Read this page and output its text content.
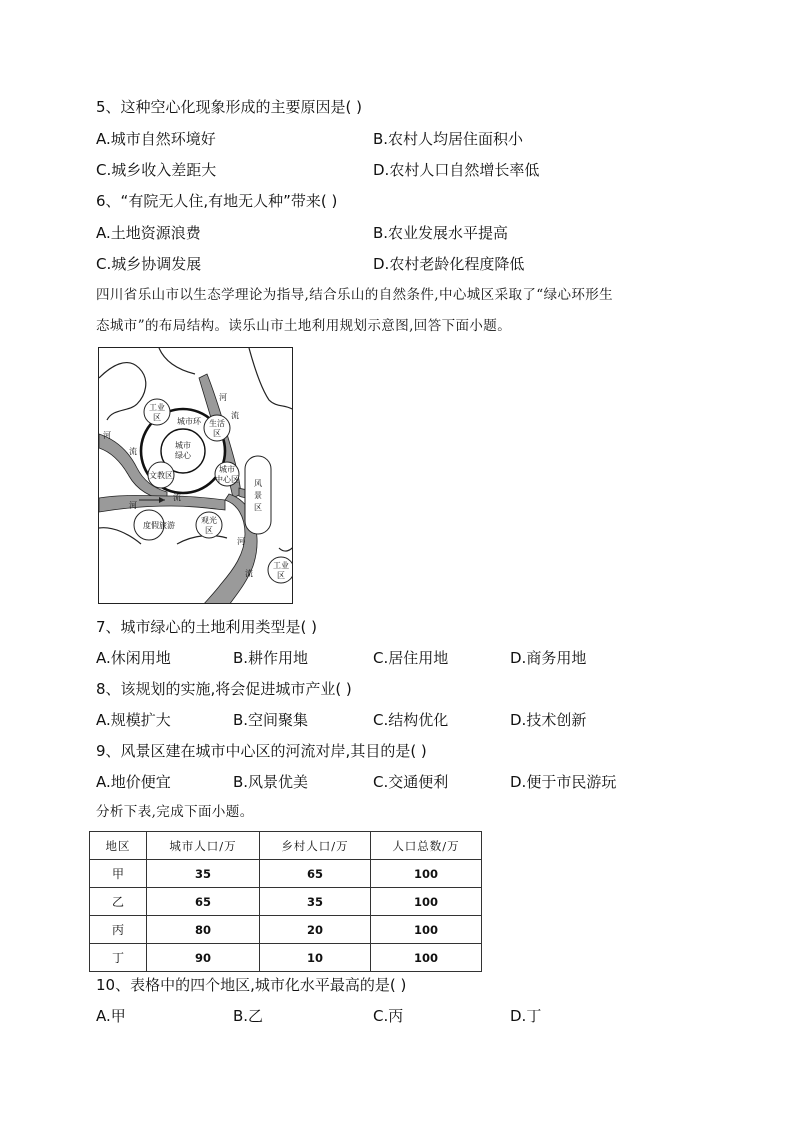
5、这种空心化现象形成的主要原因是( )
A.城市自然环境好	B.农村人均居住面积小
C.城乡收入差距大	D.农村人口自然增长率低
6、“有院无人住,有地无人种”带来( )
A.土地资源浪费	B.农业发展水平提高
C.城乡协调发展	D.农村老龄化程度降低
四川省乐山市以生态学理论为指导,结合乐山的自然条件,中心城区采取了“绿心环形生
态城市”的布局结构。读乐山市土地利用规划示意图,回答下面小题。
工业
区 城市环 生活
区
城市
绿心
城市
中心区
文教区
风
景
区
度假旅游
观光
区
工业
区
河
流
河
流
河
流
河
流
7、城市绿心的土地利用类型是( )
A.休闲用地	B.耕作用地	C.居住用地	D.商务用地
8、该规划的实施,将会促进城市产业( )
A.规模扩大	B.空间聚集	C.结构优化	D.技术创新
9、风景区建在城市中心区的河流对岸,其目的是( )
A.地价便宜	B.风景优美	C.交通便利	D.便于市民游玩
分析下表,完成下面小题。
地区	城市人口/万	乡村人口/万	人口总数/万
甲	35	65	100
乙	65	35	100
丙	80	20	100
丁	90	10	100
10、表格中的四个地区,城市化水平最高的是( )
A.甲	B.乙	C.丙	D.丁
